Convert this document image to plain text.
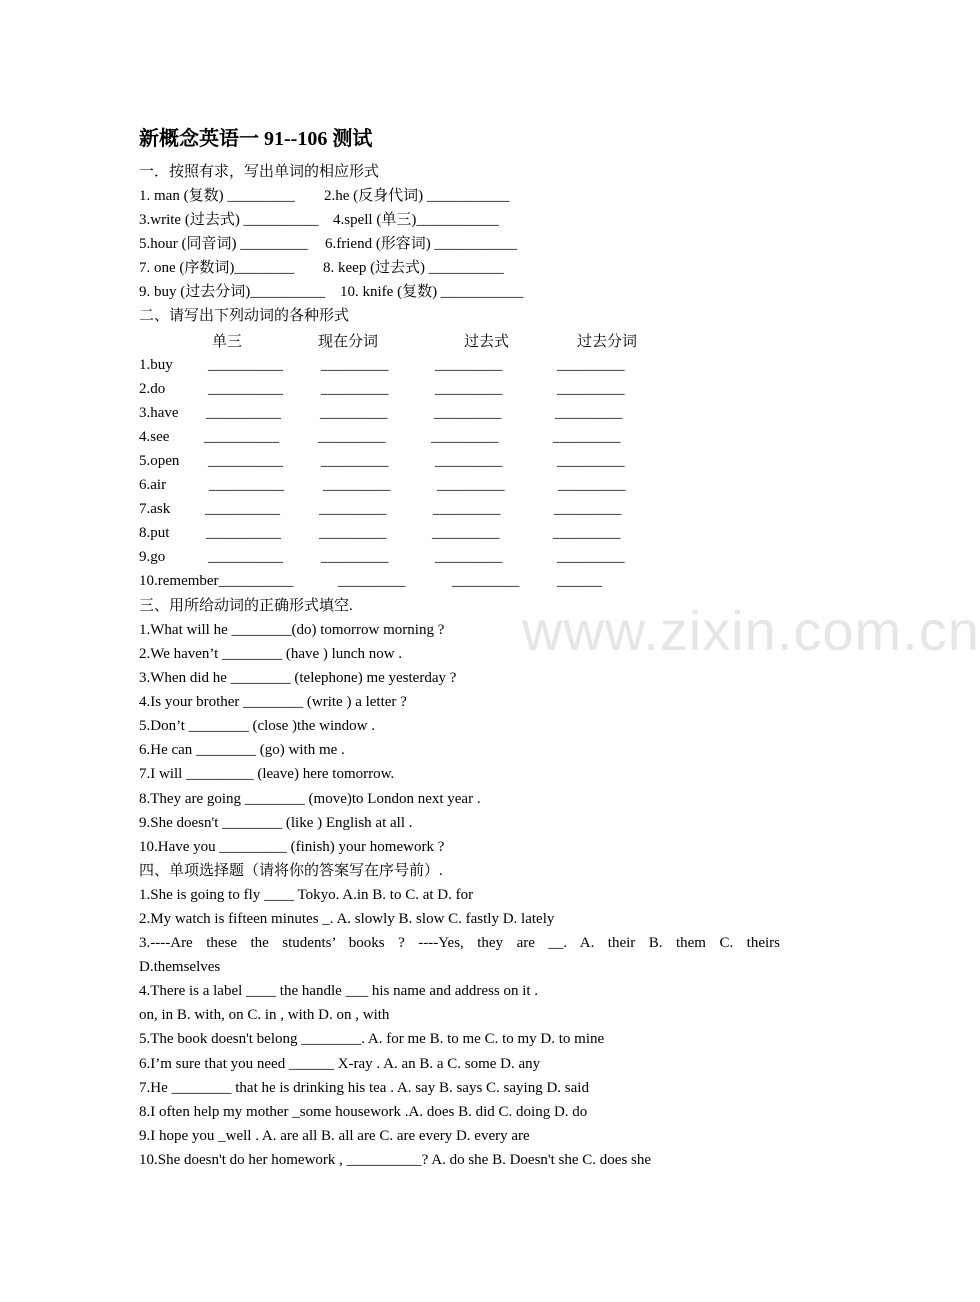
www.zixin.com.cn
新概念英语一 91--106 测试
一．按照有求，写出单词的相应形式
1. man (复数) _________ 2.he (反身代词) ___________
3.write (过去式) __________ 4.spell (单三)___________
5.hour (同音词) _________ 6.friend (形容词) ___________
7. one (序数词)________ 8. keep (过去式) __________
9. buy (过去分词)__________ 10. knife (复数) ___________
二、请写出下列动词的各种形式
单三	现在分词	过去式	过去分词
1.buy __________	_________	_________	_________
2.do	__________	_________	_________	_________
3.have __________	_________	_________	_________
4.see __________	_________	_________	_________
5.open __________	_________	_________	_________
6.air	__________	_________	_________	_________
7.ask __________	_________	_________	_________
8.put __________	_________	_________	_________
9.go	__________	_________	_________	_________
10.remember__________	_________	_________	______
三、用所给动词的正确形式填空.
1.What will he ________(do) tomorrow morning ?
2.We haven’t ________ (have ) lunch now .
3.When did he ________ (telephone) me yesterday ?
4.Is your brother ________ (write ) a letter ?
5.Don’t ________ (close )the window .
6.He can ________ (go) with me .
7.I will _________ (leave) here tomorrow.
8.They are going ________ (move)to London next year .
9.She doesn't ________ (like ) English at all .
10.Have you _________ (finish) your homework ?
四、单项选择题（请将你的答案写在序号前）.
1.She is going to fly ____ Tokyo. A.in B. to C. at D. for
2.My watch is fifteen minutes _. A. slowly B. slow C. fastly D. lately
3.----Are these the students’ books ? ----Yes, they are __. A. their B. them C. theirs
D.themselves
4.There is a label ____ the handle ___ his name and address on it .
on, in B. with, on C. in , with D. on , with
5.The book doesn't belong ________. A. for me B. to me C. to my D. to mine
6.I’m sure that you need ______ X-ray . A. an B. a C. some D. any
7.He ________ that he is drinking his tea . A. say B. says C. saying D. said
8.I often help my mother _some housework .A. does B. did C. doing D. do
9.I hope you _well . A. are all B. all are C. are every D. every are
10.She doesn't do her homework , __________? A. do she B. Doesn't she C. does she
